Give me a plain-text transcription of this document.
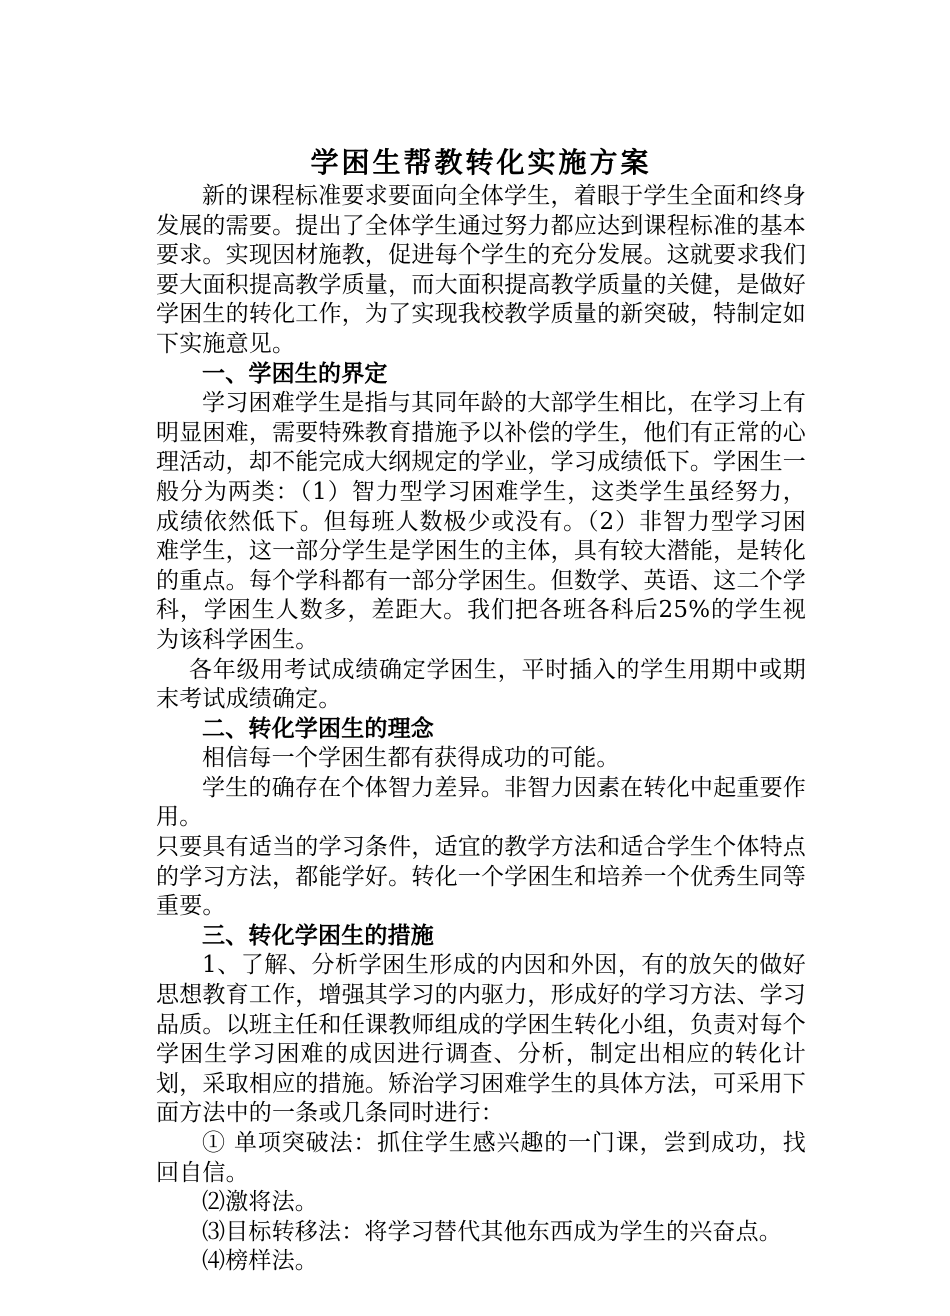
学困生帮教转化实施方案

新的课程标准要求要面向全体学生，着眼于学生全面和终身发展的需要。提出了全体学生通过努力都应达到课程标准的基本要求。实现因材施教，促进每个学生的充分发展。这就要求我们要大面积提高教学质量，而大面积提高教学质量的关健，是做好学困生的转化工作，为了实现我校教学质量的新突破，特制定如下实施意见。

一、学困生的界定

学习困难学生是指与其同年龄的大部学生相比，在学习上有明显困难，需要特殊教育措施予以补偿的学生，他们有正常的心理活动，却不能完成大纲规定的学业，学习成绩低下。学困生一般分为两类：（1）智力型学习困难学生，这类学生虽经努力，成绩依然低下。但每班人数极少或没有。（2）非智力型学习困难学生，这一部分学生是学困生的主体，具有较大潜能，是转化的重点。每个学科都有一部分学困生。但数学、英语、这二个学科，学困生人数多，差距大。我们把各班各科后25%的学生视为该科学困生。

各年级用考试成绩确定学困生，平时插入的学生用期中或期末考试成绩确定。

二、转化学困生的理念

相信每一个学困生都有获得成功的可能。

学生的确存在个体智力差异。非智力因素在转化中起重要作用。

只要具有适当的学习条件，适宜的教学方法和适合学生个体特点的学习方法，都能学好。转化一个学困生和培养一个优秀生同等重要。

三、转化学困生的措施

1、了解、分析学困生形成的内因和外因，有的放矢的做好思想教育工作，增强其学习的内驱力，形成好的学习方法、学习品质。以班主任和任课教师组成的学困生转化小组，负责对每个学困生学习困难的成因进行调查、分析，制定出相应的转化计划，采取相应的措施。矫治学习困难学生的具体方法，可采用下面方法中的一条或几条同时进行：

① 单项突破法：抓住学生感兴趣的一门课，尝到成功，找回自信。

⑵激将法。

⑶目标转移法：将学习替代其他东西成为学生的兴奋点。

⑷榜样法。
